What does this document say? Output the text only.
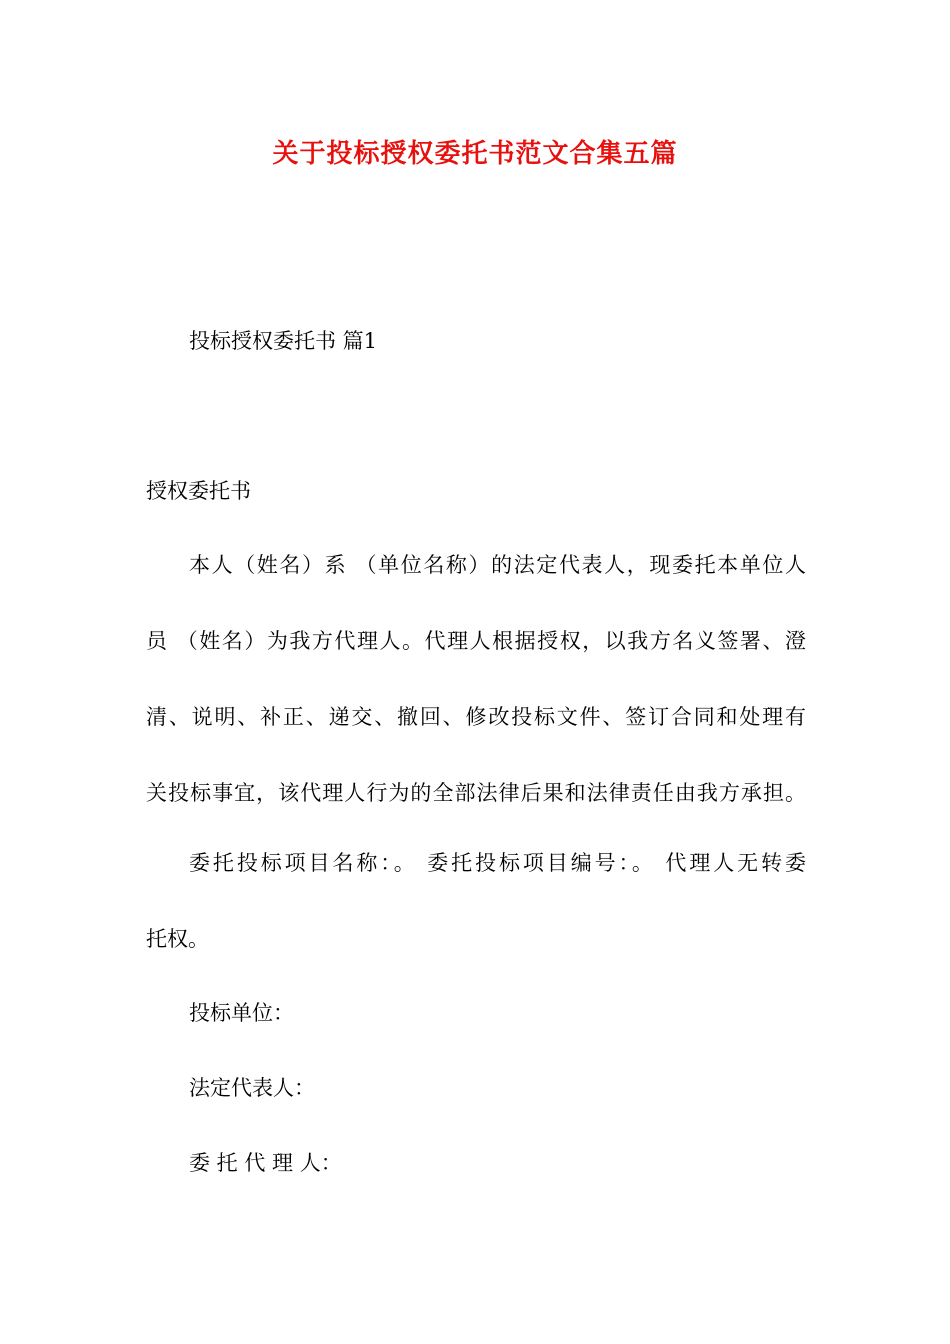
关于投标授权委托书范文合集五篇
投标授权委托书 篇1
授权委托书
本人（姓名）系 （单位名称）的法定代表人，现委托本单位人
员 （姓名）为我方代理人。代理人根据授权，以我方名义签署、澄
清、说明、补正、递交、撤回、修改投标文件、签订合同和处理有
关投标事宜，该代理人行为的全部法律后果和法律责任由我方承担。
委托投标项目名称：。 委托投标项目编号：。 代理人无转委
托权。
投标单位：
法定代表人：
委 托 代 理 人：
